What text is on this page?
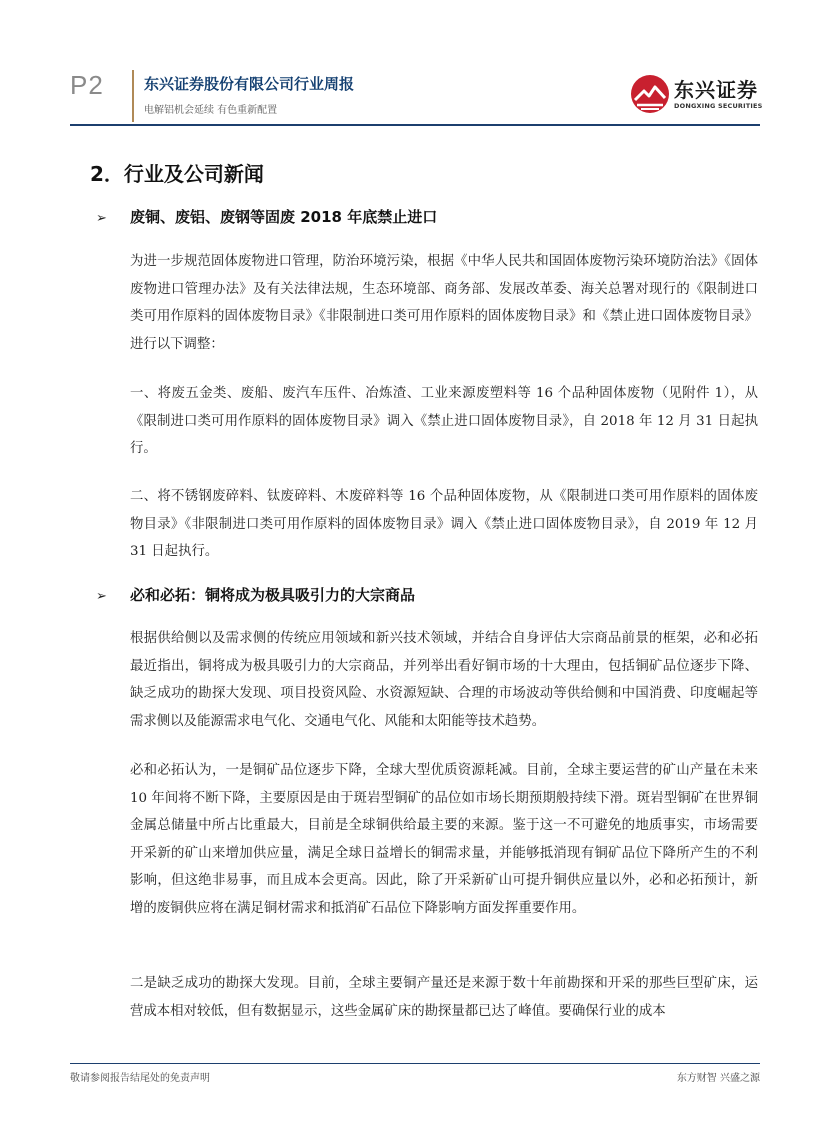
P2	东兴证券股份有限公司行业周报
电解铝机会延续 有色重新配置
东兴证券
DONGXING SECURITIES
2．行业及公司新闻
➢ 废铜、废铝、废钢等固废 2018 年底禁止进口

为进一步规范固体废物进口管理，防治环境污染，根据《中华人民共和国固体废物污染环境防治法》《固体废物进口管理办法》及有关法律法规，生态环境部、商务部、发展改革委、海关总署对现行的《限制进口类可用作原料的固体废物目录》《非限制进口类可用作原料的固体废物目录》和《禁止进口固体废物目录》进行以下调整：

一、将废五金类、废船、废汽车压件、冶炼渣、工业来源废塑料等 16 个品种固体废物（见附件 1），从《限制进口类可用作原料的固体废物目录》调入《禁止进口固体废物目录》，自 2018 年 12 月 31 日起执行。

二、将不锈钢废碎料、钛废碎料、木废碎料等 16 个品种固体废物，从《限制进口类可用作原料的固体废物目录》《非限制进口类可用作原料的固体废物目录》调入《禁止进口固体废物目录》，自 2019 年 12 月 31 日起执行。

➢ 必和必拓：铜将成为极具吸引力的大宗商品

根据供给侧以及需求侧的传统应用领域和新兴技术领域，并结合自身评估大宗商品前景的框架，必和必拓最近指出，铜将成为极具吸引力的大宗商品，并列举出看好铜市场的十大理由，包括铜矿品位逐步下降、缺乏成功的勘探大发现、项目投资风险、水资源短缺、合理的市场波动等供给侧和中国消费、印度崛起等需求侧以及能源需求电气化、交通电气化、风能和太阳能等技术趋势。

必和必拓认为，一是铜矿品位逐步下降，全球大型优质资源耗减。目前，全球主要运营的矿山产量在未来 10 年间将不断下降，主要原因是由于斑岩型铜矿的品位如市场长期预期般持续下滑。斑岩型铜矿在世界铜金属总储量中所占比重最大，目前是全球铜供给最主要的来源。鉴于这一不可避免的地质事实，市场需要开采新的矿山来增加供应量，满足全球日益增长的铜需求量，并能够抵消现有铜矿品位下降所产生的不利影响，但这绝非易事，而且成本会更高。因此，除了开采新矿山可提升铜供应量以外，必和必拓预计，新增的废铜供应将在满足铜材需求和抵消矿石品位下降影响方面发挥重要作用。

二是缺乏成功的勘探大发现。目前，全球主要铜产量还是来源于数十年前勘探和开采的那些巨型矿床，运营成本相对较低，但有数据显示，这些金属矿床的勘探量都已达了峰值。要确保行业的成本

敬请参阅报告结尾处的免责声明	东方财智 兴盛之源
